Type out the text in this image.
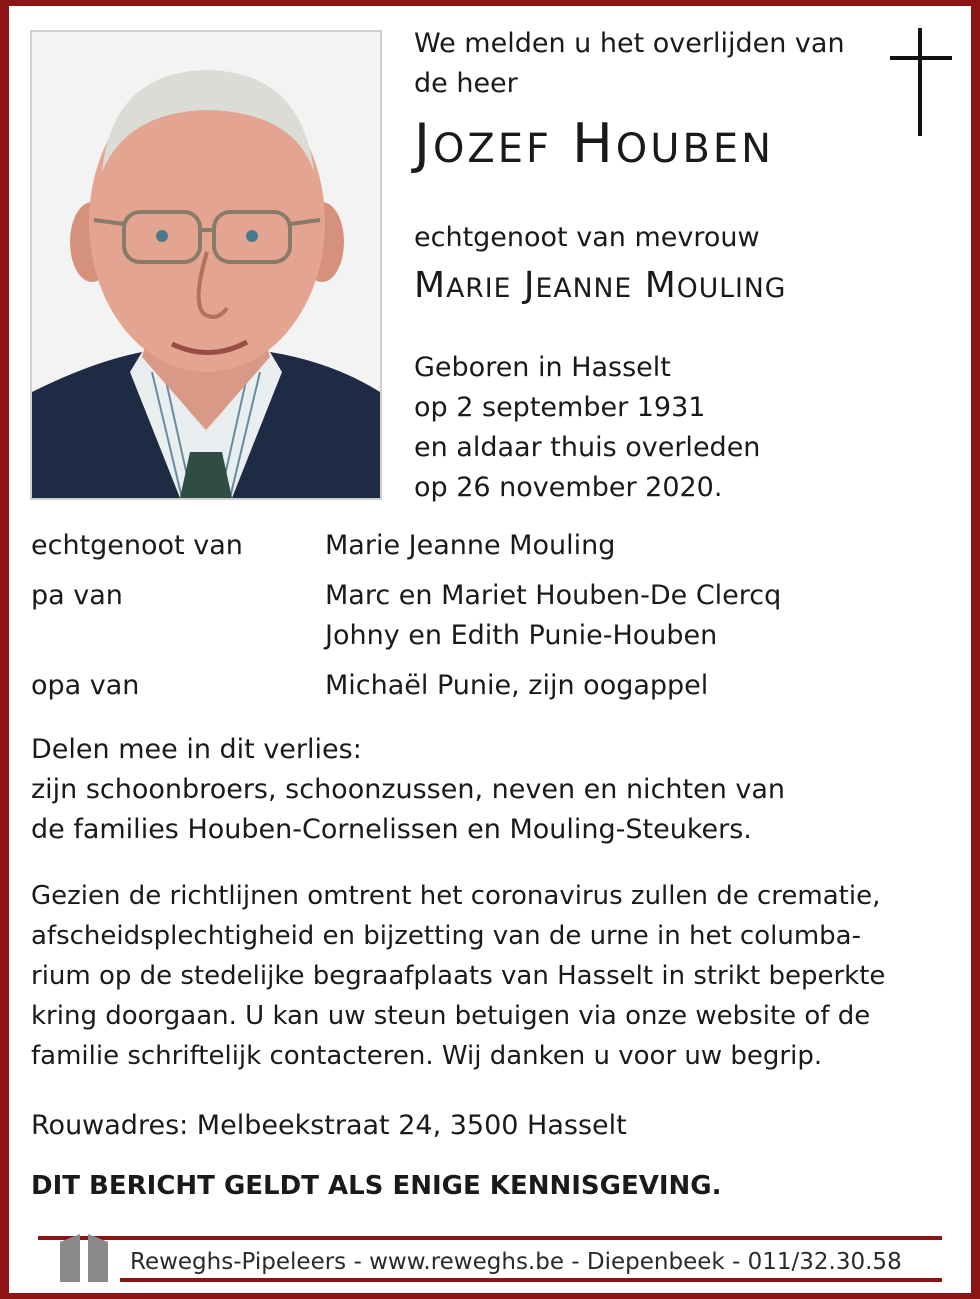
We melden u het overlijden van
de heer
JOZEF HOUBEN
echtgenoot van mevrouw
MARIE JEANNE MOULING
Geboren in Hasselt
op 2 september 1931
en aldaar thuis overleden
op 26 november 2020.
echtgenoot van	Marie Jeanne Mouling
pa van	Marc en Mariet Houben-De Clercq
Johny en Edith Punie-Houben
opa van	Michaël Punie, zijn oogappel
Delen mee in dit verlies:
zijn schoonbroers, schoonzussen, neven en nichten van
de families Houben-Cornelissen en Mouling-Steukers.
Gezien de richtlijnen omtrent het coronavirus zullen de crematie,
afscheidsplechtigheid en bijzetting van de urne in het columba-
rium op de stedelijke begraafplaats van Hasselt in strikt beperkte
kring doorgaan. U kan uw steun betuigen via onze website of de
familie schriftelijk contacteren. Wij danken u voor uw begrip.
Rouwadres: Melbeekstraat 24, 3500 Hasselt
DIT BERICHT GELDT ALS ENIGE KENNISGEVING.
Reweghs-Pipeleers - www.reweghs.be - Diepenbeek - 011/32.30.58
